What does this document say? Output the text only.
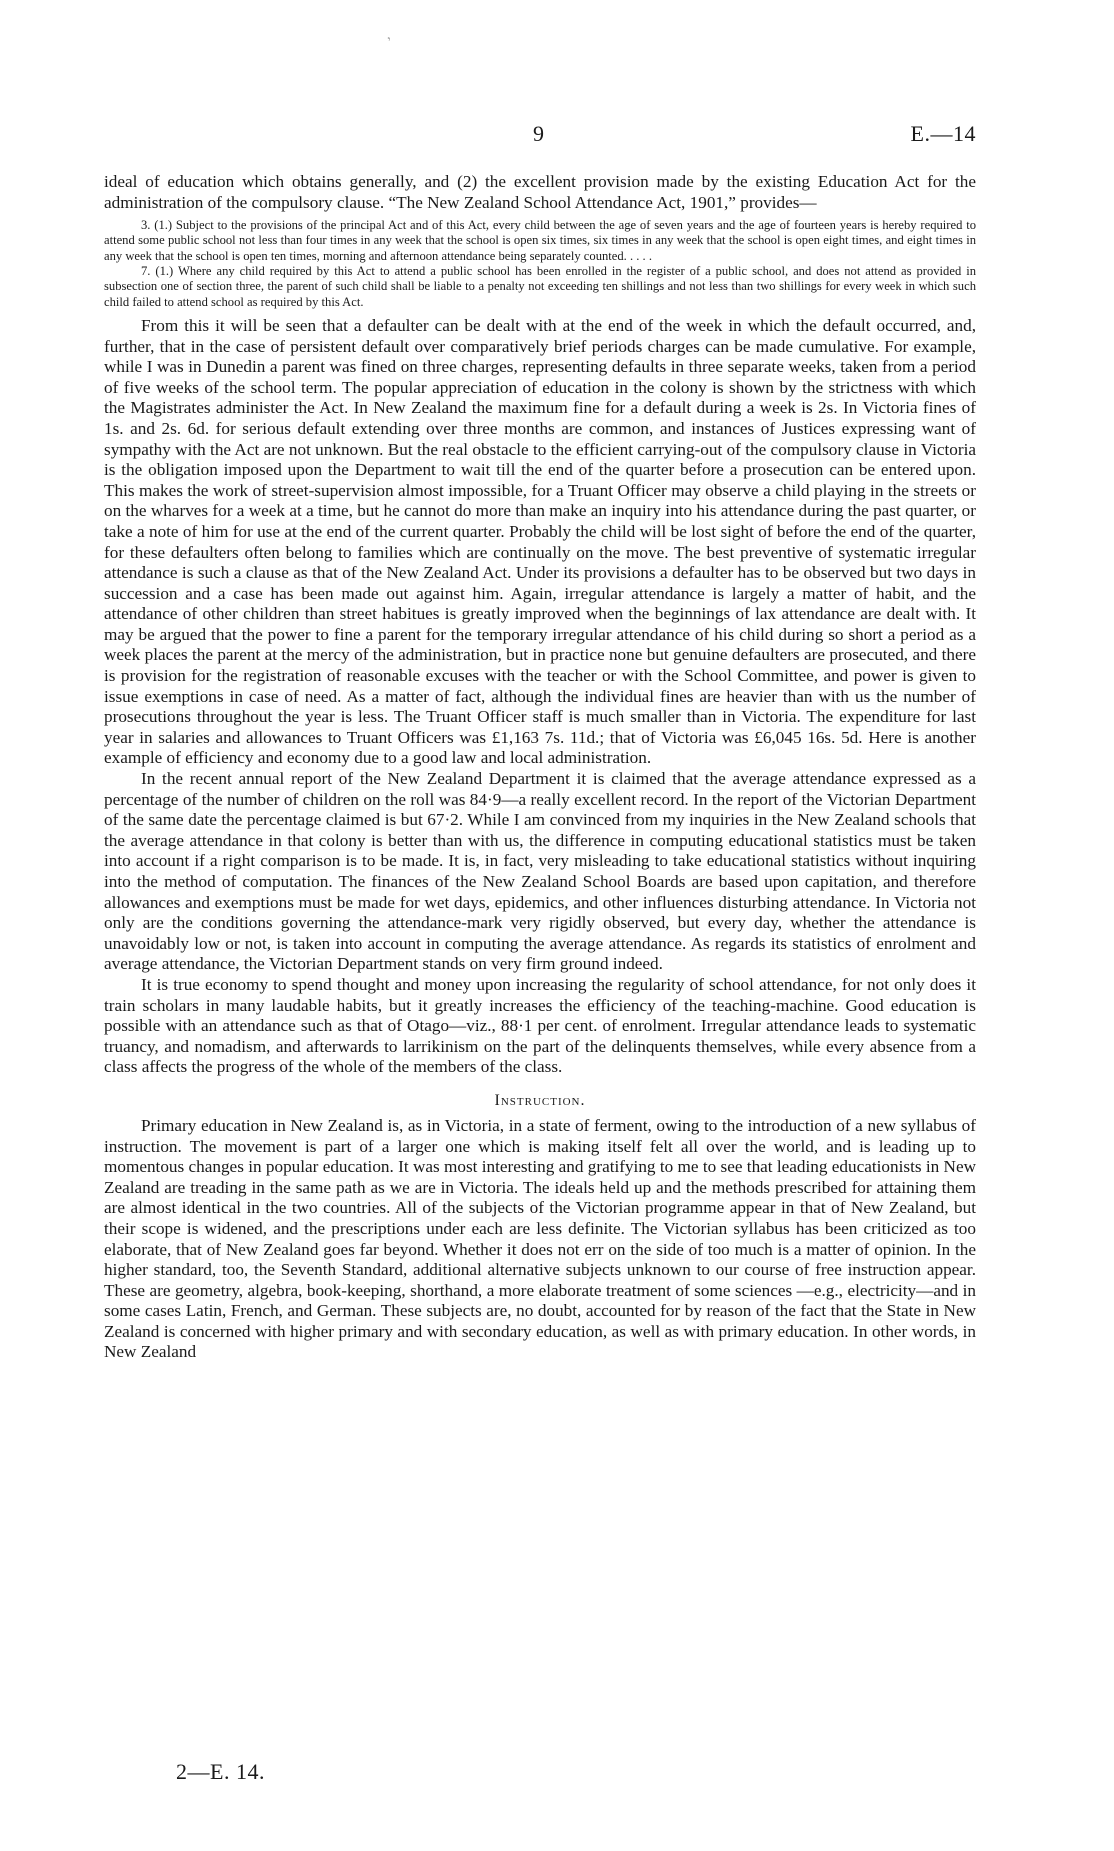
‚
9	E.—14

ideal of education which obtains generally, and (2) the excellent provision made by the existing Education Act for the administration of the compulsory clause. “The New Zealand School Attendance Act, 1901,” provides—

3. (1.) Subject to the provisions of the principal Act and of this Act, every child between the age of seven years and the age of fourteen years is hereby required to attend some public school not less than four times in any week that the school is open six times, six times in any week that the school is open eight times, and eight times in any week that the school is open ten times, morning and afternoon attendance being separately counted. . . . .

7. (1.) Where any child required by this Act to attend a public school has been enrolled in the register of a public school, and does not attend as provided in subsection one of section three, the parent of such child shall be liable to a penalty not exceeding ten shillings and not less than two shillings for every week in which such child failed to attend school as required by this Act.

From this it will be seen that a defaulter can be dealt with at the end of the week in which the default occurred, and, further, that in the case of persistent default over comparatively brief periods charges can be made cumulative. For example, while I was in Dunedin a parent was fined on three charges, representing defaults in three separate weeks, taken from a period of five weeks of the school term. The popular appreciation of education in the colony is shown by the strictness with which the Magistrates administer the Act. In New Zealand the maximum fine for a default during a week is 2s. In Victoria fines of 1s. and 2s. 6d. for serious default extending over three months are common, and instances of Justices expressing want of sympathy with the Act are not unknown. But the real obstacle to the efficient carrying-out of the compulsory clause in Victoria is the obligation imposed upon the Department to wait till the end of the quarter before a prosecution can be entered upon. This makes the work of street-supervision almost impossible, for a Truant Officer may observe a child playing in the streets or on the wharves for a week at a time, but he cannot do more than make an inquiry into his attendance during the past quarter, or take a note of him for use at the end of the current quarter. Probably the child will be lost sight of before the end of the quarter, for these defaulters often belong to families which are continually on the move. The best preventive of systematic irregular attendance is such a clause as that of the New Zealand Act. Under its provisions a defaulter has to be observed but two days in succession and a case has been made out against him. Again, irregular attendance is largely a matter of habit, and the attendance of other children than street habitues is greatly improved when the beginnings of lax attendance are dealt with. It may be argued that the power to fine a parent for the temporary irregular attendance of his child during so short a period as a week places the parent at the mercy of the administration, but in practice none but genuine defaulters are prosecuted, and there is provision for the registration of reasonable excuses with the teacher or with the School Committee, and power is given to issue exemptions in case of need. As a matter of fact, although the individual fines are heavier than with us the number of prosecutions throughout the year is less. The Truant Officer staff is much smaller than in Victoria. The expenditure for last year in salaries and allowances to Truant Officers was £1,163 7s. 11d.; that of Victoria was £6,045 16s. 5d. Here is another example of efficiency and economy due to a good law and local administration.

In the recent annual report of the New Zealand Department it is claimed that the average attendance expressed as a percentage of the number of children on the roll was 84·9—a really excellent record. In the report of the Victorian Department of the same date the percentage claimed is but 67·2. While I am convinced from my inquiries in the New Zealand schools that the average attendance in that colony is better than with us, the difference in computing educational statistics must be taken into account if a right comparison is to be made. It is, in fact, very misleading to take educational statistics without inquiring into the method of computation. The finances of the New Zealand School Boards are based upon capitation, and therefore allowances and exemptions must be made for wet days, epidemics, and other influences disturbing attendance. In Victoria not only are the conditions governing the attendance-mark very rigidly observed, but every day, whether the attendance is unavoidably low or not, is taken into account in computing the average attendance. As regards its statistics of enrolment and average attendance, the Victorian Department stands on very firm ground indeed.

It is true economy to spend thought and money upon increasing the regularity of school attendance, for not only does it train scholars in many laudable habits, but it greatly increases the efficiency of the teaching-machine. Good education is possible with an attendance such as that of Otago—viz., 88·1 per cent. of enrolment. Irregular attendance leads to systematic truancy, and nomadism, and afterwards to larrikinism on the part of the delinquents themselves, while every absence from a class affects the progress of the whole of the members of the class.

Instruction.

Primary education in New Zealand is, as in Victoria, in a state of ferment, owing to the introduction of a new syllabus of instruction. The movement is part of a larger one which is making itself felt all over the world, and is leading up to momentous changes in popular education. It was most interesting and gratifying to me to see that leading educationists in New Zealand are treading in the same path as we are in Victoria. The ideals held up and the methods prescribed for attaining them are almost identical in the two countries. All of the subjects of the Victorian programme appear in that of New Zealand, but their scope is widened, and the prescriptions under each are less definite. The Victorian syllabus has been criticized as too elaborate, that of New Zealand goes far beyond. Whether it does not err on the side of too much is a matter of opinion. In the higher standard, too, the Seventh Standard, additional alternative subjects unknown to our course of free instruction appear. These are geometry, algebra, book-keeping, shorthand, a more elaborate treatment of some sciences —e.g., electricity—and in some cases Latin, French, and German. These subjects are, no doubt, accounted for by reason of the fact that the State in New Zealand is concerned with higher primary and with secondary education, as well as with primary education. In other words, in New Zealand

2—E. 14.
